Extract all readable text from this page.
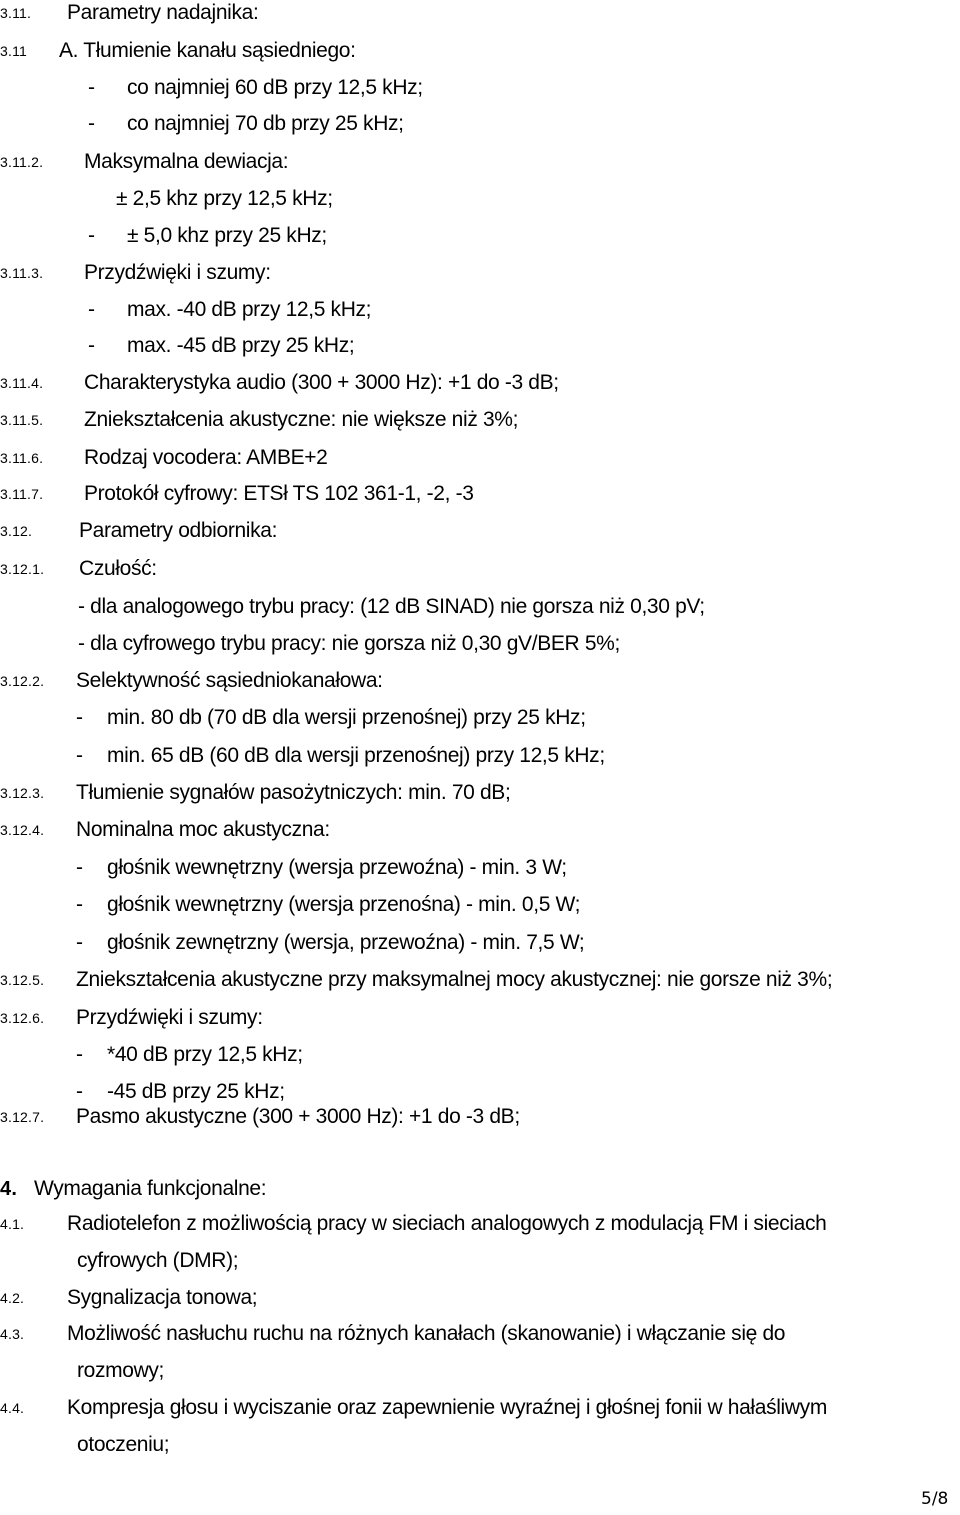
3.11. Parametry nadajnika:
3.11 A. Tłumienie kanału sąsiedniego:
- co najmniej 60 dB przy 12,5 kHz;
- co najmniej 70 db przy 25 kHz;
3.11.2. Maksymalna dewiacja:
± 2,5 khz przy 12,5 kHz;
- ± 5,0 khz przy 25 kHz;
3.11.3. Przydźwięki i szumy:
- max. -40 dB przy 12,5 kHz;
- max. -45 dB przy 25 kHz;
3.11.4. Charakterystyka audio (300 + 3000 Hz): +1 do -3 dB;
3.11.5. Zniekształcenia akustyczne: nie większe niż 3%;
3.11.6. Rodzaj vocodera: AMBE+2
3.11.7. Protokół cyfrowy: ETSł TS 102 361-1, -2, -3
3.12. Parametry odbiornika:
3.12.1. Czułość:
- dla analogowego trybu pracy: (12 dB SINAD) nie gorsza niż 0,30 pV;
- dla cyfrowego trybu pracy: nie gorsza niż 0,30 gV/BER 5%;
3.12.2. Selektywność sąsiedniokanałowa:
- min. 80 db (70 dB dla wersji przenośnej) przy 25 kHz;
- min. 65 dB (60 dB dla wersji przenośnej) przy 12,5 kHz;
3.12.3. Tłumienie sygnałów pasożytniczych: min. 70 dB;
3.12.4. Nominalna moc akustyczna:
- głośnik wewnętrzny (wersja przewoźna) - min. 3 W;
- głośnik wewnętrzny (wersja przenośna) - min. 0,5 W;
- głośnik zewnętrzny (wersja, przewoźna) - min. 7,5 W;
3.12.5. Zniekształcenia akustyczne przy maksymalnej mocy akustycznej: nie gorsze niż 3%;
3.12.6. Przydźwięki i szumy:
- *40 dB przy 12,5 kHz;
- -45 dB przy 25 kHz;
3.12.7. Pasmo akustyczne (300 + 3000 Hz): +1 do -3 dB;
4. Wymagania funkcjonalne:
4.1. Radiotelefon z możliwością pracy w sieciach analogowych z modulacją FM i sieciach
cyfrowych (DMR);
4.2. Sygnalizacja tonowa;
4.3. Możliwość nasłuchu ruchu na różnych kanałach (skanowanie) i włączanie się do
rozmowy;
4.4. Kompresja głosu i wyciszanie oraz zapewnienie wyraźnej i głośnej fonii w hałaśliwym
otoczeniu;
5/8
